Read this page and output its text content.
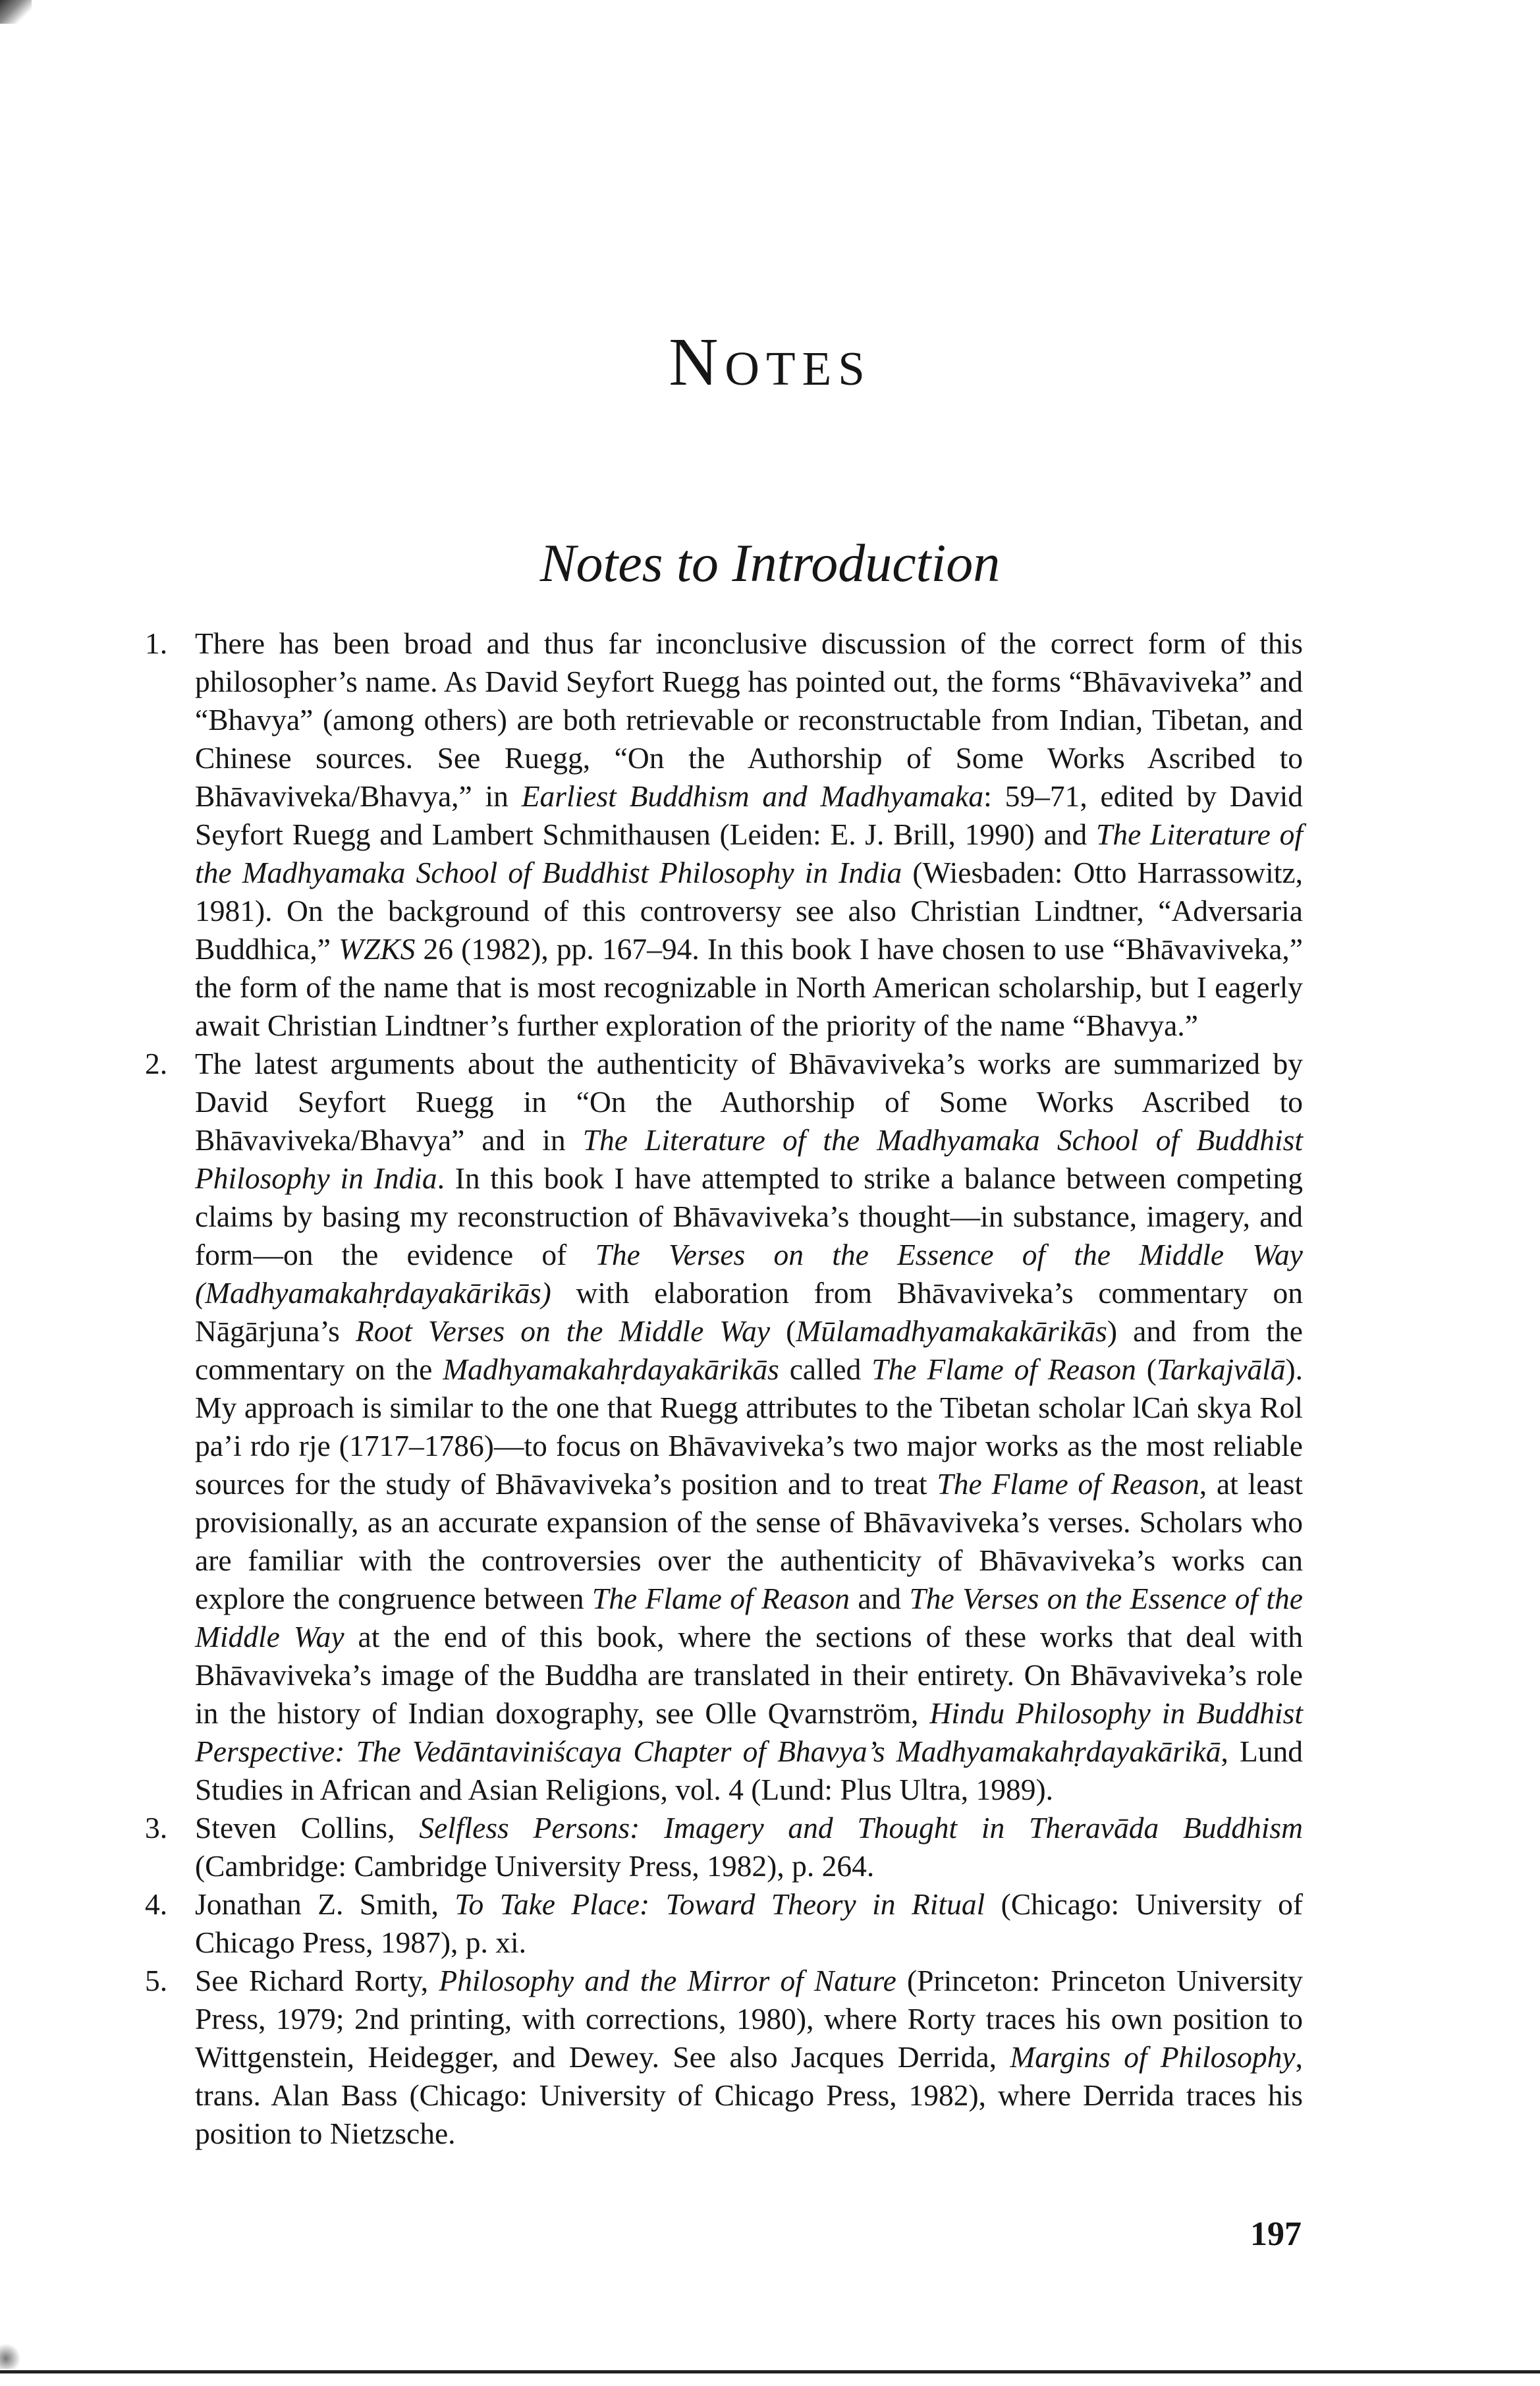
Notes
Notes to Introduction
1. There has been broad and thus far inconclusive discussion of the correct form of this philosopher’s name. As David Seyfort Ruegg has pointed out, the forms “Bhāvaviveka” and “Bhavya” (among others) are both retrievable or reconstructable from Indian, Tibetan, and Chinese sources. See Ruegg, “On the Authorship of Some Works Ascribed to Bhāvaviveka/Bhavya,” in Earliest Buddhism and Madhyamaka: 59–71, edited by David Seyfort Ruegg and Lambert Schmithausen (Leiden: E. J. Brill, 1990) and The Literature of the Madhyamaka School of Buddhist Philosophy in India (Wiesbaden: Otto Harrassowitz, 1981). On the background of this controversy see also Christian Lindtner, “Adversaria Buddhica,” WZKS 26 (1982), pp. 167–94. In this book I have chosen to use “Bhāvaviveka,” the form of the name that is most recognizable in North American scholarship, but I eagerly await Christian Lindtner’s further exploration of the priority of the name “Bhavya.”
2. The latest arguments about the authenticity of Bhāvaviveka’s works are summarized by David Seyfort Ruegg in “On the Authorship of Some Works Ascribed to Bhāvaviveka/Bhavya” and in The Literature of the Madhyamaka School of Buddhist Philosophy in India. In this book I have attempted to strike a balance between competing claims by basing my reconstruction of Bhāvaviveka’s thought—in substance, imagery, and form—on the evidence of The Verses on the Essence of the Middle Way (Madhyamakahṛdayakārikās) with elaboration from Bhāvaviveka’s commentary on Nāgārjuna’s Root Verses on the Middle Way (Mūlamadhyamakakārikās) and from the commentary on the Madhyamakahṛdayakārikās called The Flame of Reason (Tarkajvālā). My approach is similar to the one that Ruegg attributes to the Tibetan scholar lCaṅ skya Rol pa’i rdo rje (1717–1786)—to focus on Bhāvaviveka’s two major works as the most reliable sources for the study of Bhāvaviveka’s position and to treat The Flame of Reason, at least provisionally, as an accurate expansion of the sense of Bhāvaviveka’s verses. Scholars who are familiar with the controversies over the authenticity of Bhāvaviveka’s works can explore the congruence between The Flame of Reason and The Verses on the Essence of the Middle Way at the end of this book, where the sections of these works that deal with Bhāvaviveka’s image of the Buddha are translated in their entirety. On Bhāvaviveka’s role in the history of Indian doxography, see Olle Qvarnström, Hindu Philosophy in Buddhist Perspective: The Vedāntaviniścaya Chapter of Bhavya’s Madhyamakahṛdayakārikā, Lund Studies in African and Asian Religions, vol. 4 (Lund: Plus Ultra, 1989).
3. Steven Collins, Selfless Persons: Imagery and Thought in Theravāda Buddhism (Cambridge: Cambridge University Press, 1982), p. 264.
4. Jonathan Z. Smith, To Take Place: Toward Theory in Ritual (Chicago: University of Chicago Press, 1987), p. xi.
5. See Richard Rorty, Philosophy and the Mirror of Nature (Princeton: Princeton University Press, 1979; 2nd printing, with corrections, 1980), where Rorty traces his own position to Wittgenstein, Heidegger, and Dewey. See also Jacques Derrida, Margins of Philosophy, trans. Alan Bass (Chicago: University of Chicago Press, 1982), where Derrida traces his position to Nietzsche.
197
